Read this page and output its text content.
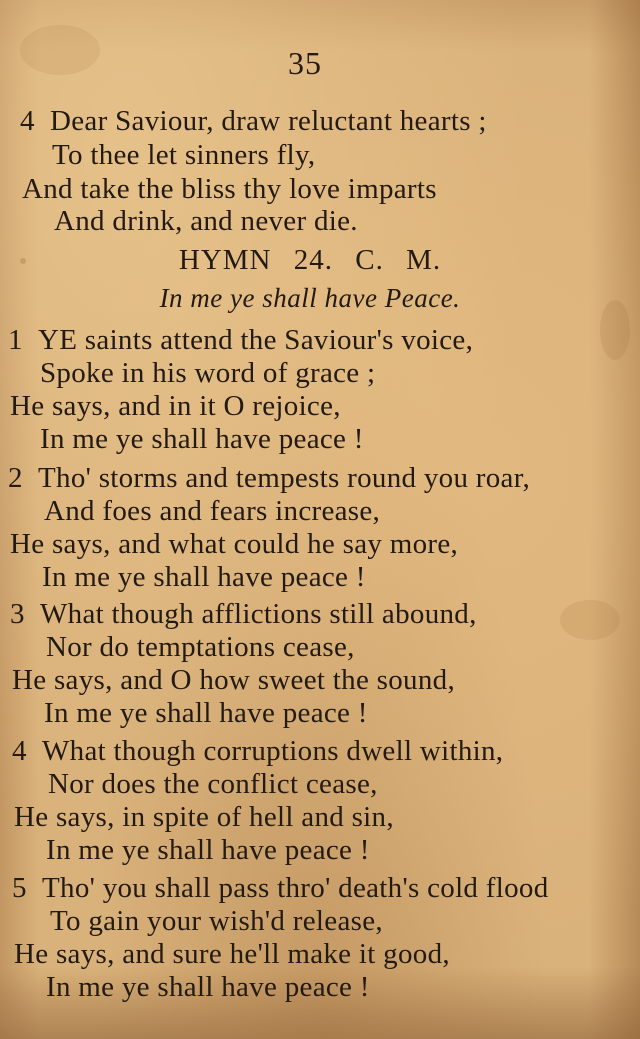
35
4 Dear Saviour, draw reluctant hearts ;
To thee let sinners fly,
And take the bliss thy love imparts
And drink, and never die.
HYMN 24. C. M.
In me ye shall have Peace.
1 YE saints attend the Saviour's voice,
Spoke in his word of grace ;
He says, and in it O rejoice,
In me ye shall have peace !
2 Tho' storms and tempests round you roar,
And foes and fears increase,
He says, and what could he say more,
In me ye shall have peace !
3 What though afflictions still abound,
Nor do temptations cease,
He says, and O how sweet the sound,
In me ye shall have peace !
4 What though corruptions dwell within,
Nor does the conflict cease,
He says, in spite of hell and sin,
In me ye shall have peace !
5 Tho' you shall pass thro' death's cold flood
To gain your wish'd release,
He says, and sure he'll make it good,
In me ye shall have peace !
